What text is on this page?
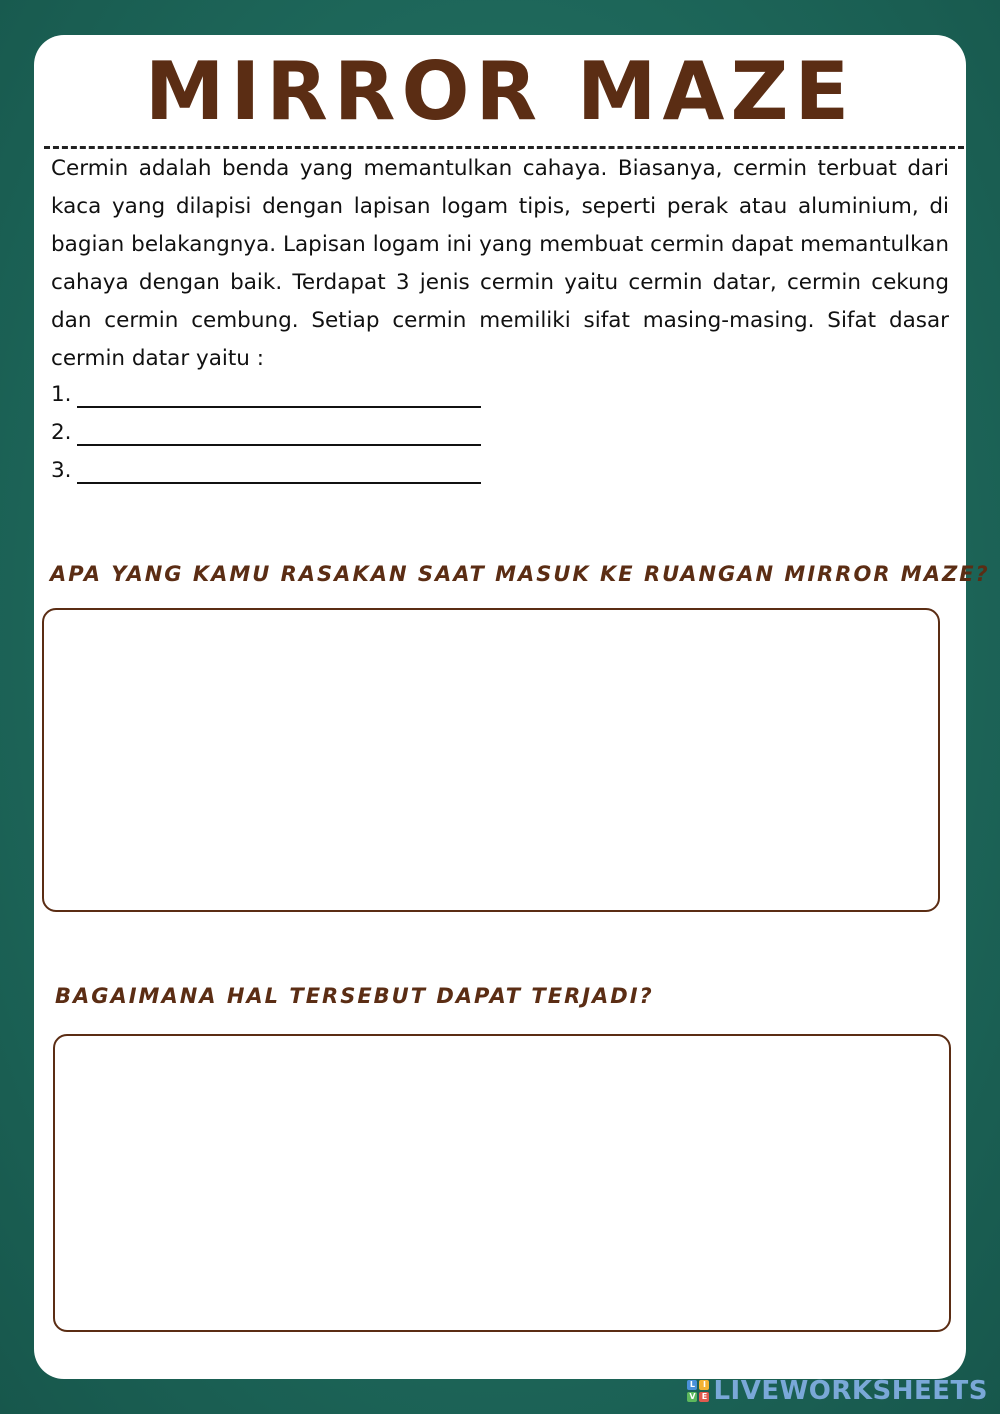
MIRROR MAZE

Cermin adalah benda yang memantulkan cahaya. Biasanya, cermin terbuat dari kaca yang dilapisi dengan lapisan logam tipis, seperti perak atau aluminium, di bagian belakangnya. Lapisan logam ini yang membuat cermin dapat memantulkan cahaya dengan baik. Terdapat 3 jenis cermin yaitu cermin datar, cermin cekung dan cermin cembung. Setiap cermin memiliki sifat masing-masing. Sifat dasar cermin datar yaitu :

1.
2.
3.

APA YANG KAMU RASAKAN SAAT MASUK KE RUANGAN MIRROR MAZE?

BAGAIMANA HAL TERSEBUT DAPAT TERJADI?

L I
V E LIVEWORKSHEETS
